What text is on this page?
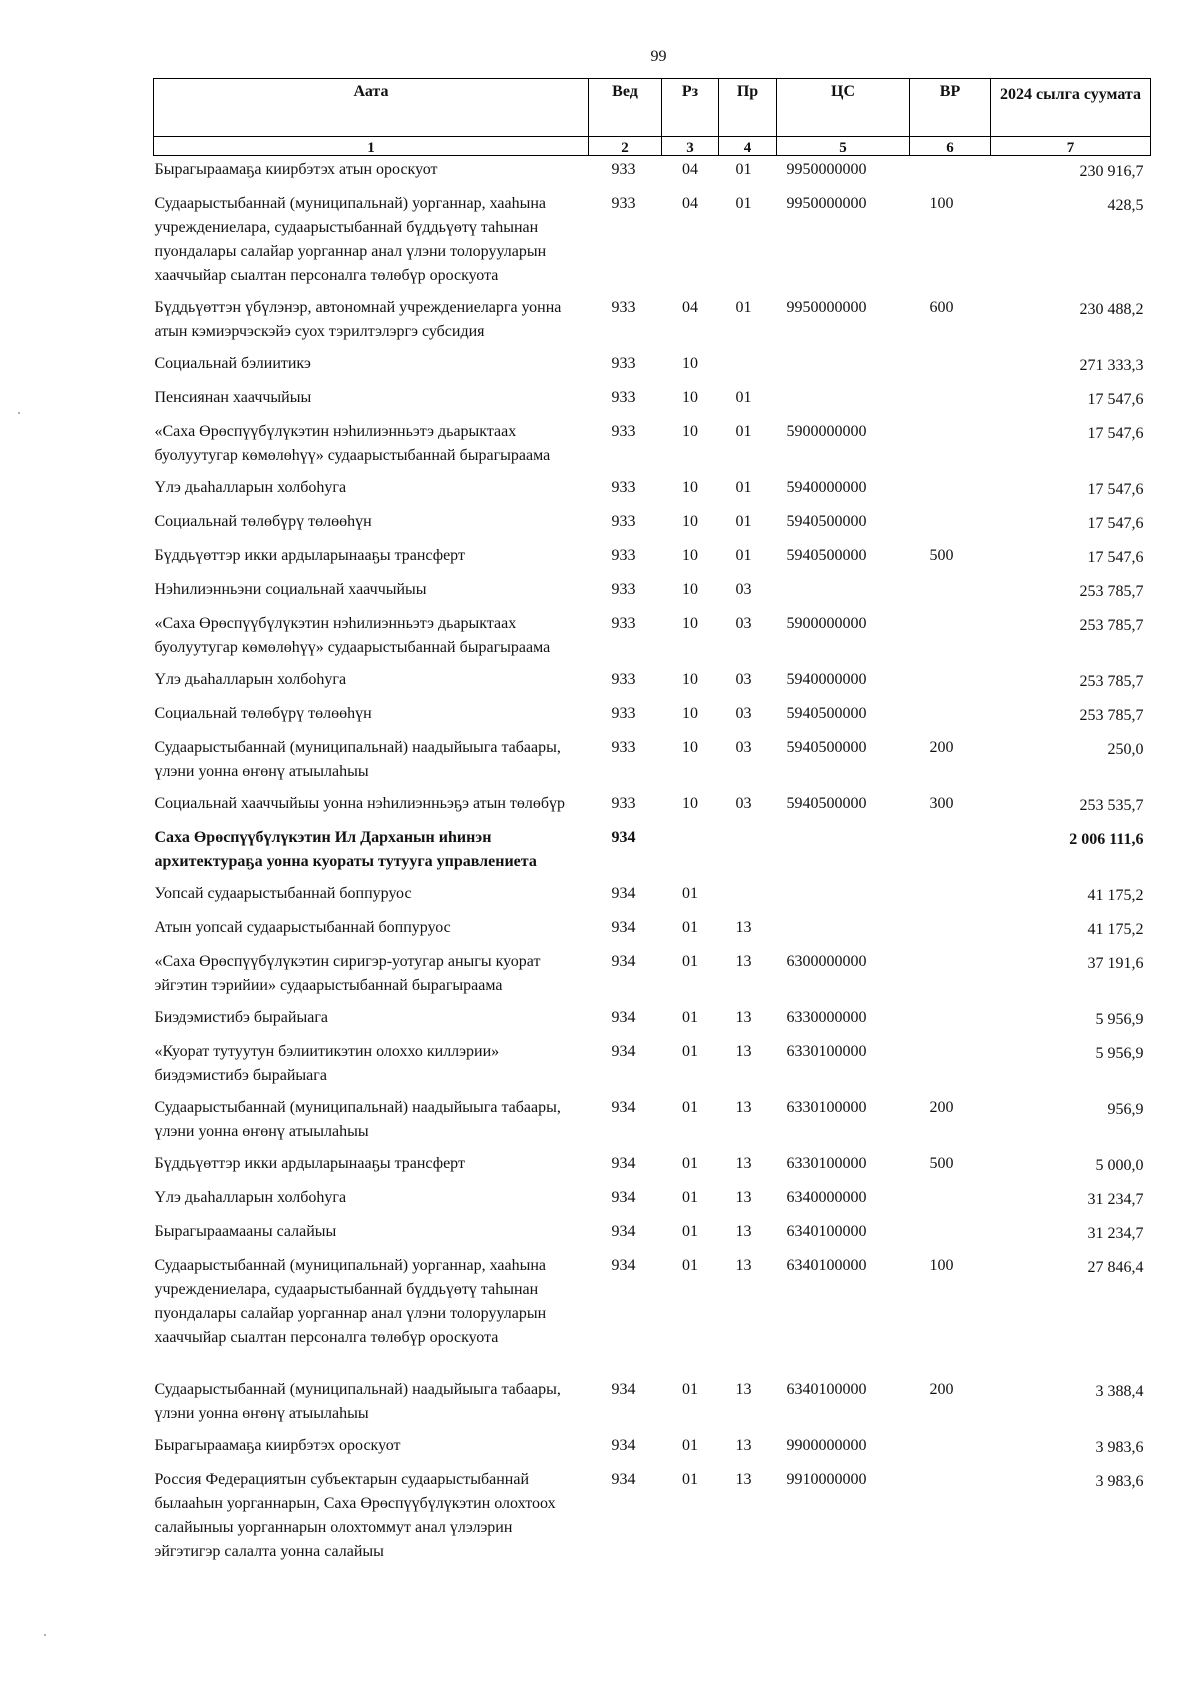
99
Аата	Вед	Рз	Пр	ЦС	ВР	2024 сылга суумата
1	2	3	4	5	6	7
Бырагыраамаҕа киирбэтэх атын ороскуот	933	04	01	9950000000		230 916,7
Судаарыстыбаннай (муниципальнай) уорганнар, хааһына учреждениелара, судаарыстыбаннай бүддьүөтү таһынан пуондалары салайар уорганнар анал үлэни толорууларын хааччыйар сыалтан персоналга төлөбүр ороскуота	933	04	01	9950000000	100	428,5
Бүддьүөттэн үбүлэнэр, автономнай учреждениеларга уонна атын кэмиэрчэскэйэ суох тэрилтэлэргэ субсидия	933	04	01	9950000000	600	230 488,2
Социальнай бэлиитикэ	933	10				271 333,3
Пенсиянан хааччыйыы	933	10	01			17 547,6
«Саха Өрөспүүбүлүкэтин нэһилиэнньэтэ дьарыктаах буолуутугар көмөлөһүү» судаарыстыбаннай бырагыраама	933	10	01	5900000000		17 547,6
Үлэ дьаһалларын холбоһуга	933	10	01	5940000000		17 547,6
Социальнай төлөбүрү төлөөһүн	933	10	01	5940500000		17 547,6
Бүддьүөттэр икки ардыларынааҕы трансферт	933	10	01	5940500000	500	17 547,6
Нэһилиэнньэни социальнай хааччыйыы	933	10	03			253 785,7
«Саха Өрөспүүбүлүкэтин нэһилиэнньэтэ дьарыктаах буолуутугар көмөлөһүү» судаарыстыбаннай бырагыраама	933	10	03	5900000000		253 785,7
Үлэ дьаһалларын холбоһуга	933	10	03	5940000000		253 785,7
Социальнай төлөбүрү төлөөһүн	933	10	03	5940500000		253 785,7
Судаарыстыбаннай (муниципальнай) наадыйыыга табаары, үлэни уонна өҥөнү атыылаһыы	933	10	03	5940500000	200	250,0
Социальнай хааччыйыы уонна нэһилиэнньэҕэ атын төлөбүр	933	10	03	5940500000	300	253 535,7
Саха Өрөспүүбүлүкэтин Ил Дарханын иһинэн архитектураҕа уонна куораты тутууга управлениета	934					2 006 111,6
Уопсай судаарыстыбаннай боппуруос	934	01				41 175,2
Атын уопсай судаарыстыбаннай боппуруос	934	01	13			41 175,2
«Саха Өрөспүүбүлүкэтин сиригэр-уотугар аныгы куорат эйгэтин тэрийии» судаарыстыбаннай бырагыраама	934	01	13	6300000000		37 191,6
Биэдэмистибэ бырайыага	934	01	13	6330000000		5 956,9
«Куорат тутуутун бэлиитикэтин олоххо киллэрии» биэдэмистибэ бырайыага	934	01	13	6330100000		5 956,9
Судаарыстыбаннай (муниципальнай) наадыйыыга табаары, үлэни уонна өҥөнү атыылаһыы	934	01	13	6330100000	200	956,9
Бүддьүөттэр икки ардыларынааҕы трансферт	934	01	13	6330100000	500	5 000,0
Үлэ дьаһалларын холбоһуга	934	01	13	6340000000		31 234,7
Бырагыраамааны салайыы	934	01	13	6340100000		31 234,7
Судаарыстыбаннай (муниципальнай) уорганнар, хааһына учреждениелара, судаарыстыбаннай бүддьүөтү таһынан пуондалары салайар уорганнар анал үлэни толорууларын хааччыйар сыалтан персоналга төлөбүр ороскуота	934	01	13	6340100000	100	27 846,4
Судаарыстыбаннай (муниципальнай) наадыйыыга табаары, үлэни уонна өҥөнү атыылаһыы	934	01	13	6340100000	200	3 388,4
Бырагыраамаҕа киирбэтэх ороскуот	934	01	13	9900000000		3 983,6
Россия Федерациятын субъектарын судаарыстыбаннай былааһын уорганнарын, Саха Өрөспүүбүлүкэтин олохтоох салайыныы уорганнарын олохтоммут анал үлэлэрин эйгэтигэр салалта уонна салайыы	934	01	13	9910000000		3 983,6
